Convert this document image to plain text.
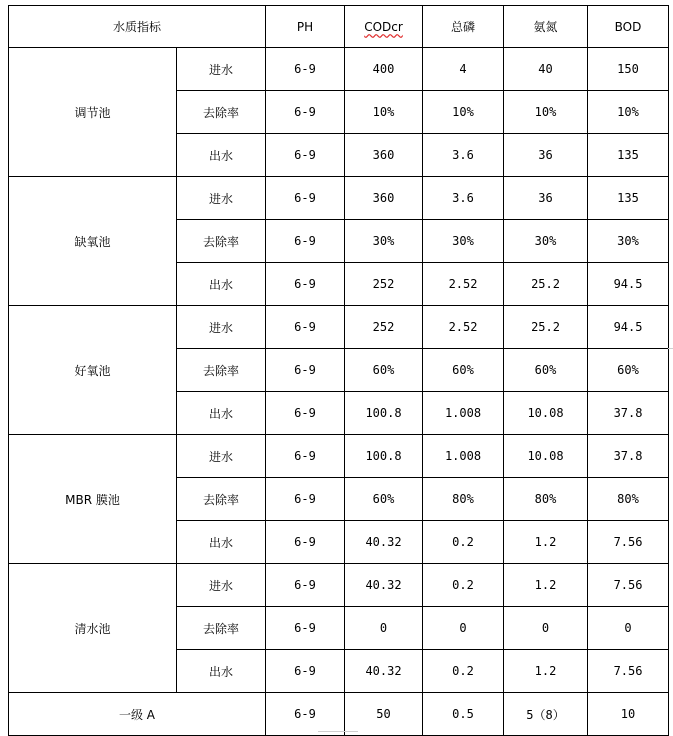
水质指标		PH	CODcr	总磷	氨氮	BOD
调节池	进水	6-9	400	4	40	150
	去除率	6-9	10%	10%	10%	10%
	出水	6-9	360	3.6	36	135
缺氧池	进水	6-9	360	3.6	36	135
	去除率	6-9	30%	30%	30%	30%
	出水	6-9	252	2.52	25.2	94.5
好氧池	进水	6-9	252	2.52	25.2	94.5
	去除率	6-9	60%	60%	60%	60%
	出水	6-9	100.8	1.008	10.08	37.8
MBR 膜池	进水	6-9	100.8	1.008	10.08	37.8
	去除率	6-9	60%	80%	80%	80%
	出水	6-9	40.32	0.2	1.2	7.56
清水池	进水	6-9	40.32	0.2	1.2	7.56
	去除率	6-9	0	0	0	0
	出水	6-9	40.32	0.2	1.2	7.56
一级 A		6-9	50	0.5	5（8）	10
